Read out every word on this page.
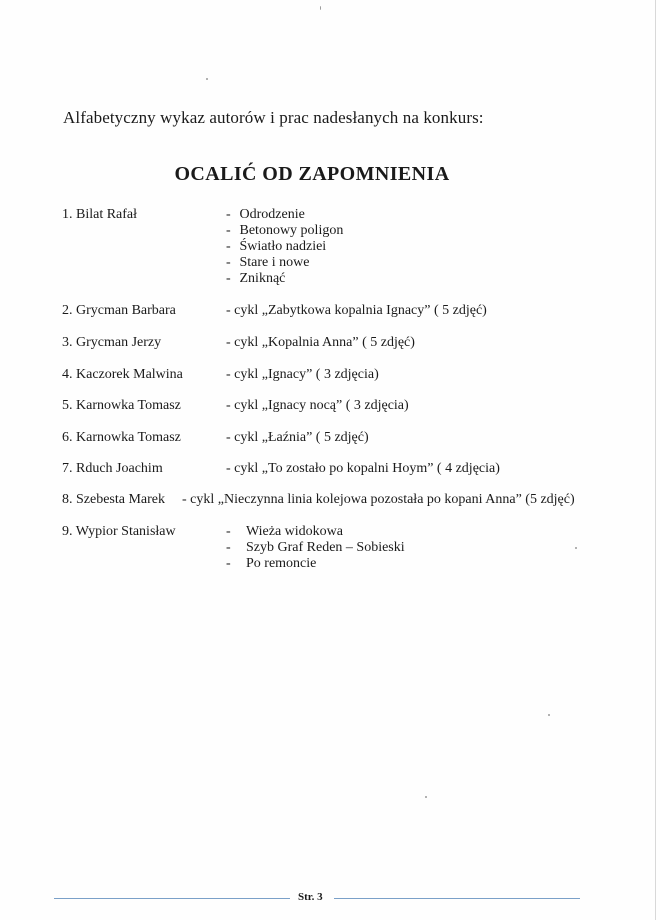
Alfabetyczny wykaz autorów i prac nadesłanych na konkurs:
OCALIĆ OD ZAPOMNIENIA
1. Bilat Rafał	- Odrodzenie
- Betonowy poligon
- Światło nadziei
- Stare i nowe
- Zniknąć
2. Grycman Barbara	- cykl „Zabytkowa kopalnia Ignacy” ( 5 zdjęć)
3. Grycman Jerzy	- cykl „Kopalnia Anna” ( 5 zdjęć)
4. Kaczorek Malwina	- cykl „Ignacy” ( 3 zdjęcia)
5. Karnowka Tomasz	- cykl „Ignacy nocą” ( 3 zdjęcia)
6. Karnowka Tomasz	- cykl „Łaźnia” ( 5 zdjęć)
7. Rduch Joachim	- cykl „To zostało po kopalni Hoym” ( 4 zdjęcia)
8. Szebesta Marek - cykl „Nieczynna linia kolejowa pozostała po kopani Anna” (5 zdjęć)
9. Wypior Stanisław	- Wieża widokowa
- Szyb Graf Reden – Sobieski
- Po remoncie
Str. 3
